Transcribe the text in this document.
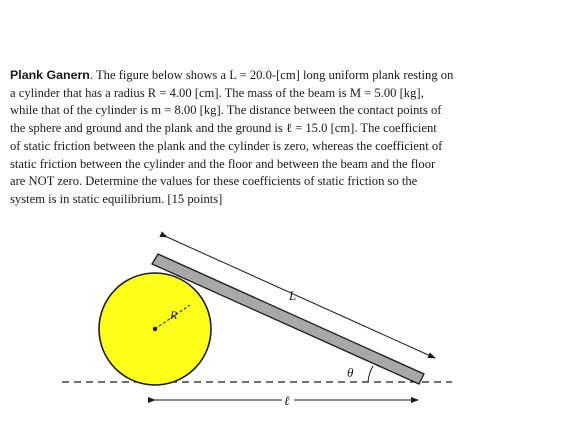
Plank Ganern. The figure below shows a L = 20.0-[cm] long uniform plank resting on
a cylinder that has a radius R = 4.00 [cm]. The mass of the beam is M = 5.00 [kg],
while that of the cylinder is m = 8.00 [kg]. The distance between the contact points of
the sphere and ground and the plank and the ground is ℓ = 15.0 [cm]. The coefficient
of static friction between the plank and the cylinder is zero, whereas the coefficient of
static friction between the cylinder and the floor and between the beam and the floor
are NOT zero. Determine the values for these coefficients of static friction so the
system is in static equilibrium. [15 points]
R
L
θ
ℓ
